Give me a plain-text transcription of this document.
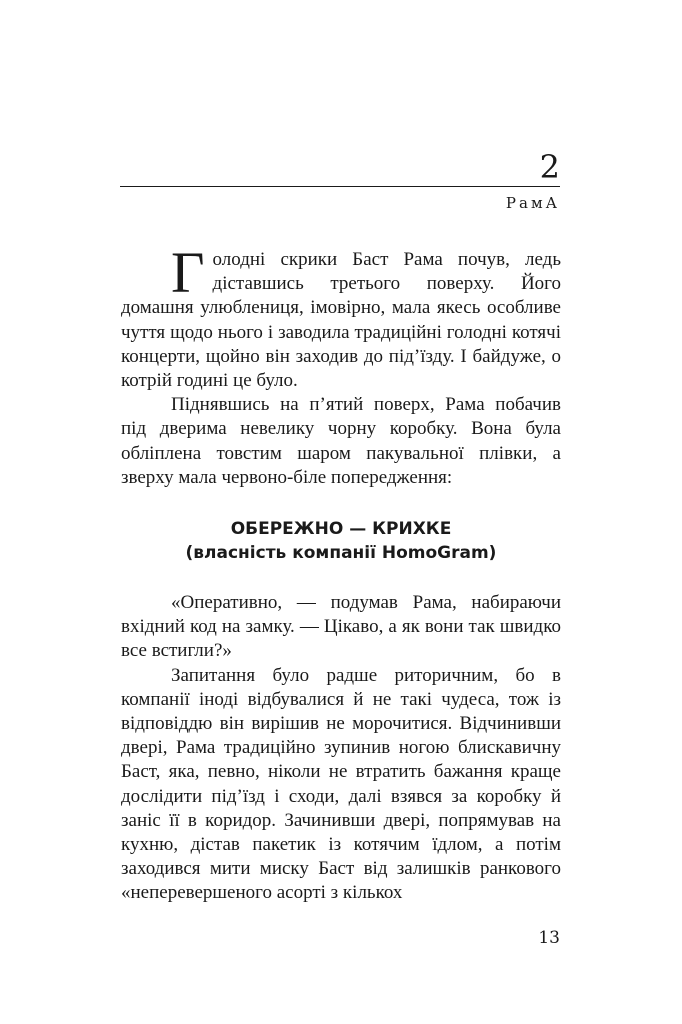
2
РамА

Голодні скрики Баст Рама почув, ледь діставшись третього поверху. Його домашня улюблениця, імовірно, мала якесь особливе чуття щодо нього і заводила традиційні голодні котячі концерти, щойно він заходив до під’їзду. І байдуже, о котрій годині це було.

Піднявшись на п’ятий поверх, Рама побачив під дверима невелику чорну коробку. Вона була обліплена товстим шаром пакувальної плівки, а зверху мала червоно-біле попередження:

ОБЕРЕЖНО — КРИХКЕ
(власність компанії HomoGram)

«Оперативно, — подумав Рама, набираючи вхідний код на замку. — Цікаво, а як вони так швидко все встигли?»

Запитання було радше риторичним, бо в компанії іноді відбувалися й не такі чудеса, тож із відповіддю він вирішив не морочитися. Відчинивши двері, Рама традиційно зупинив ногою блискавичну Баст, яка, певно, ніколи не втратить бажання краще дослідити під’їзд і сходи, далі взявся за коробку й заніс її в коридор. Зачинивши двері, попрямував на кухню, дістав пакетик із котячим їдлом, а потім заходився мити миску Баст від залишків ранкового «неперевершеного асорті з кількох

13
